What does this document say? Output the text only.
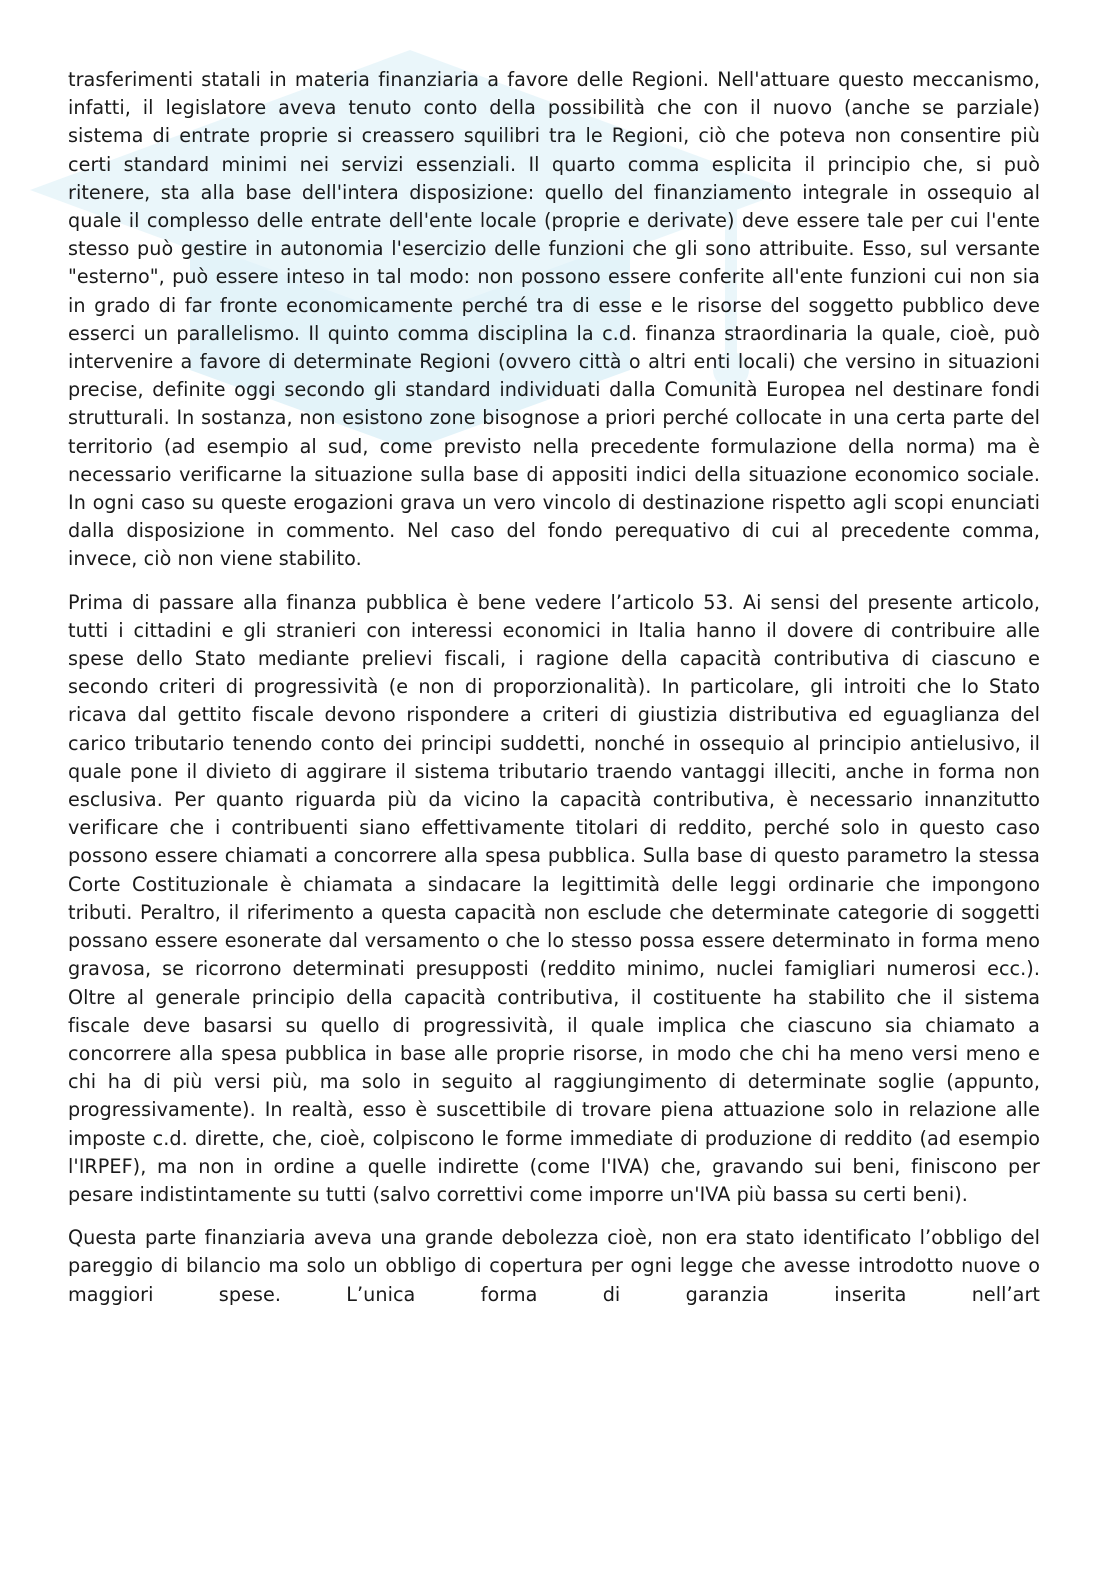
trasferimenti statali in materia finanziaria a favore delle Regioni. Nell'attuare questo meccanismo, infatti, il legislatore aveva tenuto conto della possibilità che con il nuovo (anche se parziale) sistema di entrate proprie si creassero squilibri tra le Regioni, ciò che poteva non consentire più certi standard minimi nei servizi essenziali. Il quarto comma esplicita il principio che, si può ritenere, sta alla base dell'intera disposizione: quello del finanziamento integrale in ossequio al quale il complesso delle entrate dell'ente locale (proprie e derivate) deve essere tale per cui l'ente stesso può gestire in autonomia l'esercizio delle funzioni che gli sono attribuite. Esso, sul versante "esterno", può essere inteso in tal modo: non possono essere conferite all'ente funzioni cui non sia in grado di far fronte economicamente perché tra di esse e le risorse del soggetto pubblico deve esserci un parallelismo. Il quinto comma disciplina la c.d. finanza straordinaria la quale, cioè, può intervenire a favore di determinate Regioni (ovvero città o altri enti locali) che versino in situazioni precise, definite oggi secondo gli standard individuati dalla Comunità Europea nel destinare fondi strutturali. In sostanza, non esistono zone bisognose a priori perché collocate in una certa parte del territorio (ad esempio al sud, come previsto nella precedente formulazione della norma) ma è necessario verificarne la situazione sulla base di appositi indici della situazione economico sociale. In ogni caso su queste erogazioni grava un vero vincolo di destinazione rispetto agli scopi enunciati dalla disposizione in commento. Nel caso del fondo perequativo di cui al precedente comma, invece, ciò non viene stabilito.

Prima di passare alla finanza pubblica è bene vedere l’articolo 53. Ai sensi del presente articolo, tutti i cittadini e gli stranieri con interessi economici in Italia hanno il dovere di contribuire alle spese dello Stato mediante prelievi fiscali, i ragione della capacità contributiva di ciascuno e secondo criteri di progressività (e non di proporzionalità). In particolare, gli introiti che lo Stato ricava dal gettito fiscale devono rispondere a criteri di giustizia distributiva ed eguaglianza del carico tributario tenendo conto dei principi suddetti, nonché in ossequio al principio antielusivo, il quale pone il divieto di aggirare il sistema tributario traendo vantaggi illeciti, anche in forma non esclusiva. Per quanto riguarda più da vicino la capacità contributiva, è necessario innanzitutto verificare che i contribuenti siano effettivamente titolari di reddito, perché solo in questo caso possono essere chiamati a concorrere alla spesa pubblica. Sulla base di questo parametro la stessa Corte Costituzionale è chiamata a sindacare la legittimità delle leggi ordinarie che impongono tributi. Peraltro, il riferimento a questa capacità non esclude che determinate categorie di soggetti possano essere esonerate dal versamento o che lo stesso possa essere determinato in forma meno gravosa, se ricorrono determinati presupposti (reddito minimo, nuclei famigliari numerosi ecc.). Oltre al generale principio della capacità contributiva, il costituente ha stabilito che il sistema fiscale deve basarsi su quello di progressività, il quale implica che ciascuno sia chiamato a concorrere alla spesa pubblica in base alle proprie risorse, in modo che chi ha meno versi meno e chi ha di più versi più, ma solo in seguito al raggiungimento di determinate soglie (appunto, progressivamente). In realtà, esso è suscettibile di trovare piena attuazione solo in relazione alle imposte c.d. dirette, che, cioè, colpiscono le forme immediate di produzione di reddito (ad esempio l'IRPEF), ma non in ordine a quelle indirette (come l'IVA) che, gravando sui beni, finiscono per pesare indistintamente su tutti (salvo correttivi come imporre un'IVA più bassa su certi beni).

Questa parte finanziaria aveva una grande debolezza cioè, non era stato identificato l’obbligo del pareggio di bilancio ma solo un obbligo di copertura per ogni legge che avesse introdotto nuove o maggiori spese. L’unica forma di garanzia inserita nell’art
